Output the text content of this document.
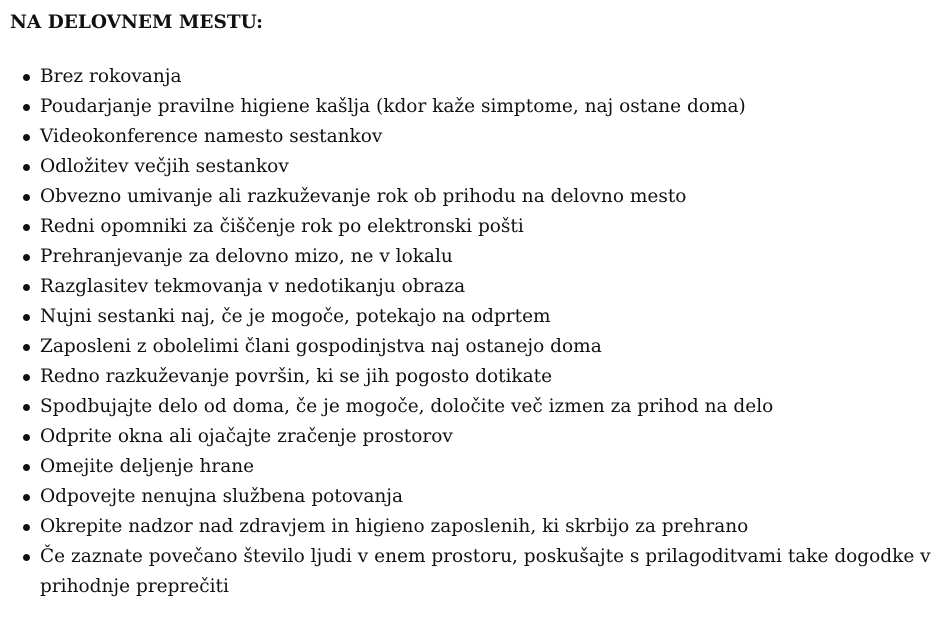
NA DELOVNEM MESTU:
Brez rokovanja
Poudarjanje pravilne higiene kašlja (kdor kaže simptome, naj ostane doma)
Videokonference namesto sestankov
Odložitev večjih sestankov
Obvezno umivanje ali razkuževanje rok ob prihodu na delovno mesto
Redni opomniki za čiščenje rok po elektronski pošti
Prehranjevanje za delovno mizo, ne v lokalu
Razglasitev tekmovanja v nedotikanju obraza
Nujni sestanki naj, če je mogoče, potekajo na odprtem
Zaposleni z obolelimi člani gospodinjstva naj ostanejo doma
Redno razkuževanje površin, ki se jih pogosto dotikate
Spodbujajte delo od doma, če je mogoče, določite več izmen za prihod na delo
Odprite okna ali ojačajte zračenje prostorov
Omejite deljenje hrane
Odpovejte nenujna službena potovanja
Okrepite nadzor nad zdravjem in higieno zaposlenih, ki skrbijo za prehrano
Če zaznate povečano število ljudi v enem prostoru, poskušajte s prilagoditvami take dogodke v prihodnje preprečiti
